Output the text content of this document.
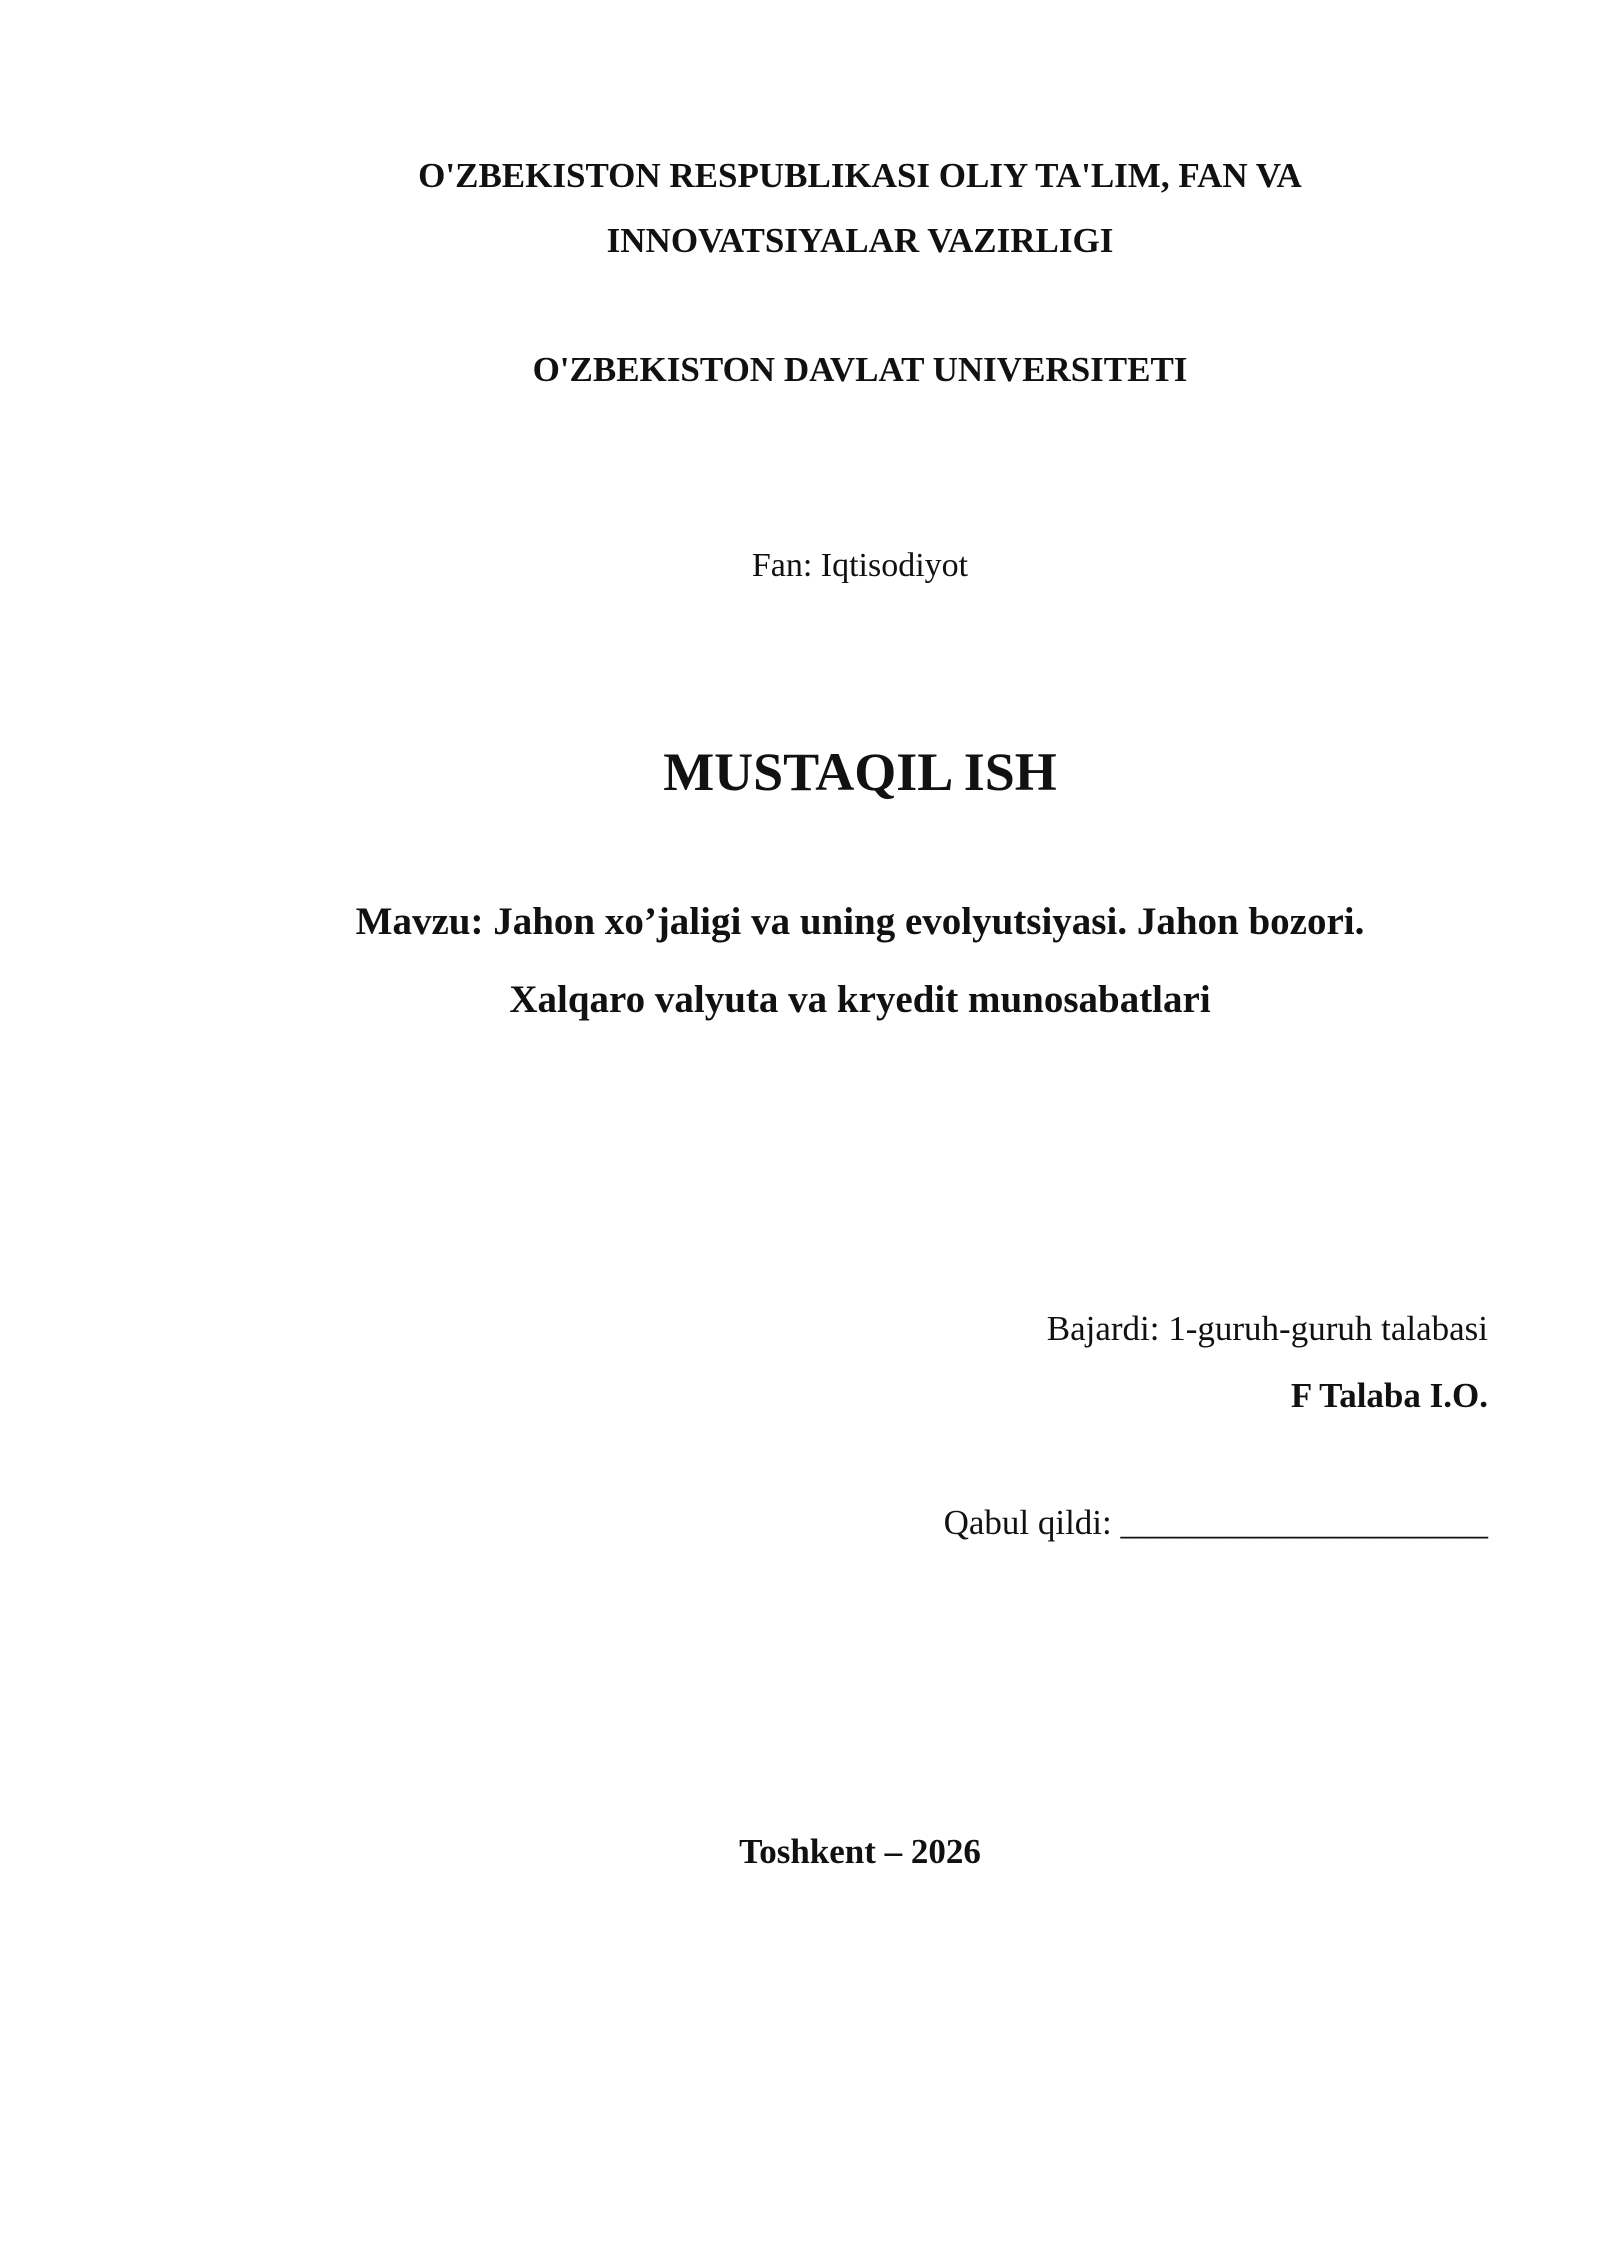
O'ZBEKISTON RESPUBLIKASI OLIY TA'LIM, FAN VA
INNOVATSIYALAR VAZIRLIGI
O'ZBEKISTON DAVLAT UNIVERSITETI
Fan: Iqtisodiyot
MUSTAQIL ISH
Mavzu: Jahon xo’jaligi va uning evolyutsiyasi. Jahon bozori.
Xalqaro valyuta va kryedit munosabatlari
Bajardi: 1-guruh-guruh talabasi
F Talaba I.O.
Qabul qildi: _____________________
Toshkent – 2026
